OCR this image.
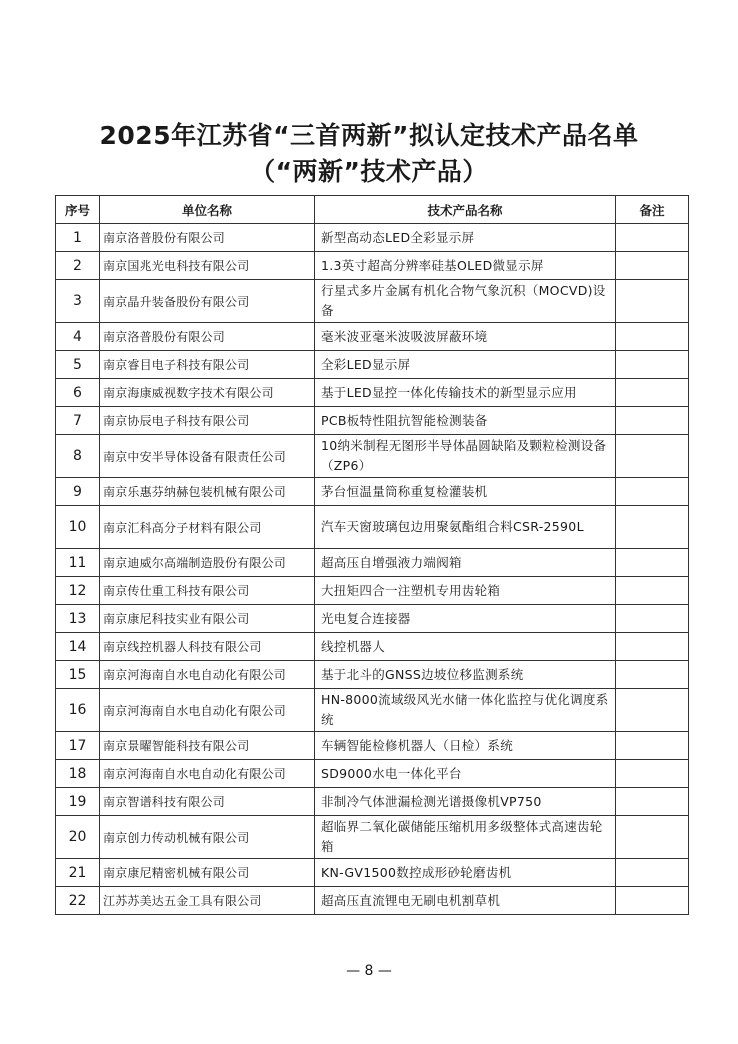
2025年江苏省“三首两新”拟认定技术产品名单
（“两新”技术产品）
序号	单位名称	技术产品名称	备注
1	南京洛普股份有限公司	新型高动态LED全彩显示屏	
2	南京国兆光电科技有限公司	1.3英寸超高分辨率硅基OLED微显示屏	
3	南京晶升装备股份有限公司	行星式多片金属有机化合物气象沉积（MOCVD)设备	
4	南京洛普股份有限公司	毫米波亚毫米波吸波屏蔽环境	
5	南京睿目电子科技有限公司	全彩LED显示屏	
6	南京海康威视数字技术有限公司	基于LED显控一体化传输技术的新型显示应用	
7	南京协辰电子科技有限公司	PCB板特性阻抗智能检测装备	
8	南京中安半导体设备有限责任公司	10纳米制程无图形半导体晶圆缺陷及颗粒检测设备（ZP6）	
9	南京乐惠芬纳赫包装机械有限公司	茅台恒温量筒称重复检灌装机	
10	南京汇科高分子材料有限公司	汽车天窗玻璃包边用聚氨酯组合料CSR-2590L	
11	南京迪威尔高端制造股份有限公司	超高压自增强液力端阀箱	
12	南京传仕重工科技有限公司	大扭矩四合一注塑机专用齿轮箱	
13	南京康尼科技实业有限公司	光电复合连接器	
14	南京线控机器人科技有限公司	线控机器人	
15	南京河海南自水电自动化有限公司	基于北斗的GNSS边坡位移监测系统	
16	南京河海南自水电自动化有限公司	HN-8000流域级风光水储一体化监控与优化调度系统	
17	南京景曜智能科技有限公司	车辆智能检修机器人（日检）系统	
18	南京河海南自水电自动化有限公司	SD9000水电一体化平台	
19	南京智谱科技有限公司	非制冷气体泄漏检测光谱摄像机VP750	
20	南京创力传动机械有限公司	超临界二氧化碳储能压缩机用多级整体式高速齿轮箱	
21	南京康尼精密机械有限公司	KN-GV1500数控成形砂轮磨齿机	
22	江苏苏美达五金工具有限公司	超高压直流锂电无刷电机割草机	
— 8 —
